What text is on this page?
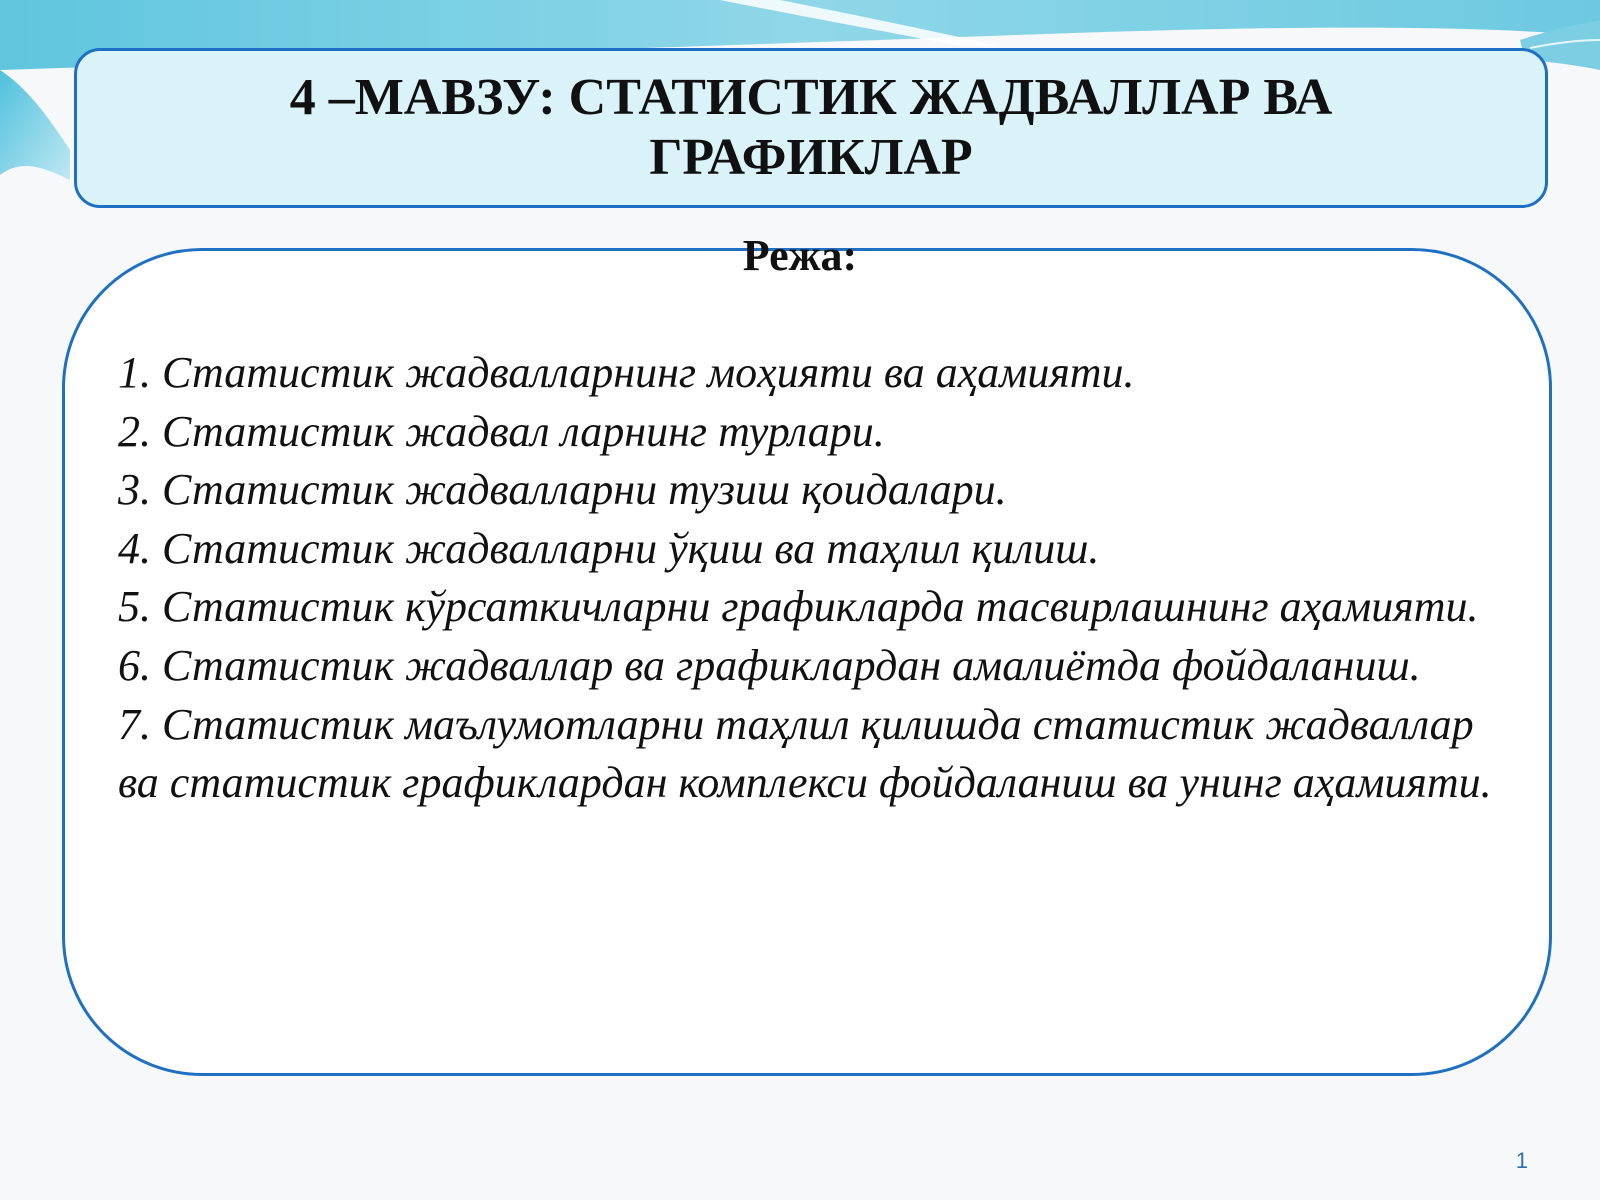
4 –МАВЗУ: СТАТИСТИК ЖАДВАЛЛАР ВА ГРАФИКЛАР
Режа:
1. Статистик жадвалларнинг моҳияти ва аҳамияти.
2. Статистик жадвал ларнинг турлари.
3. Статистик жадвалларни тузиш қоидалари.
4. Статистик жадвалларни ўқиш ва таҳлил қилиш.
5. Статистик кўрсаткичларни графикларда тасвирлашнинг аҳамияти.
6. Статистик жадваллар ва графиклардан амалиётда фойдаланиш.
7. Статистик маълумотларни таҳлил қилишда статистик жадваллар ва статистик графиклардан комплекси фойдаланиш ва унинг аҳамияти.
1
